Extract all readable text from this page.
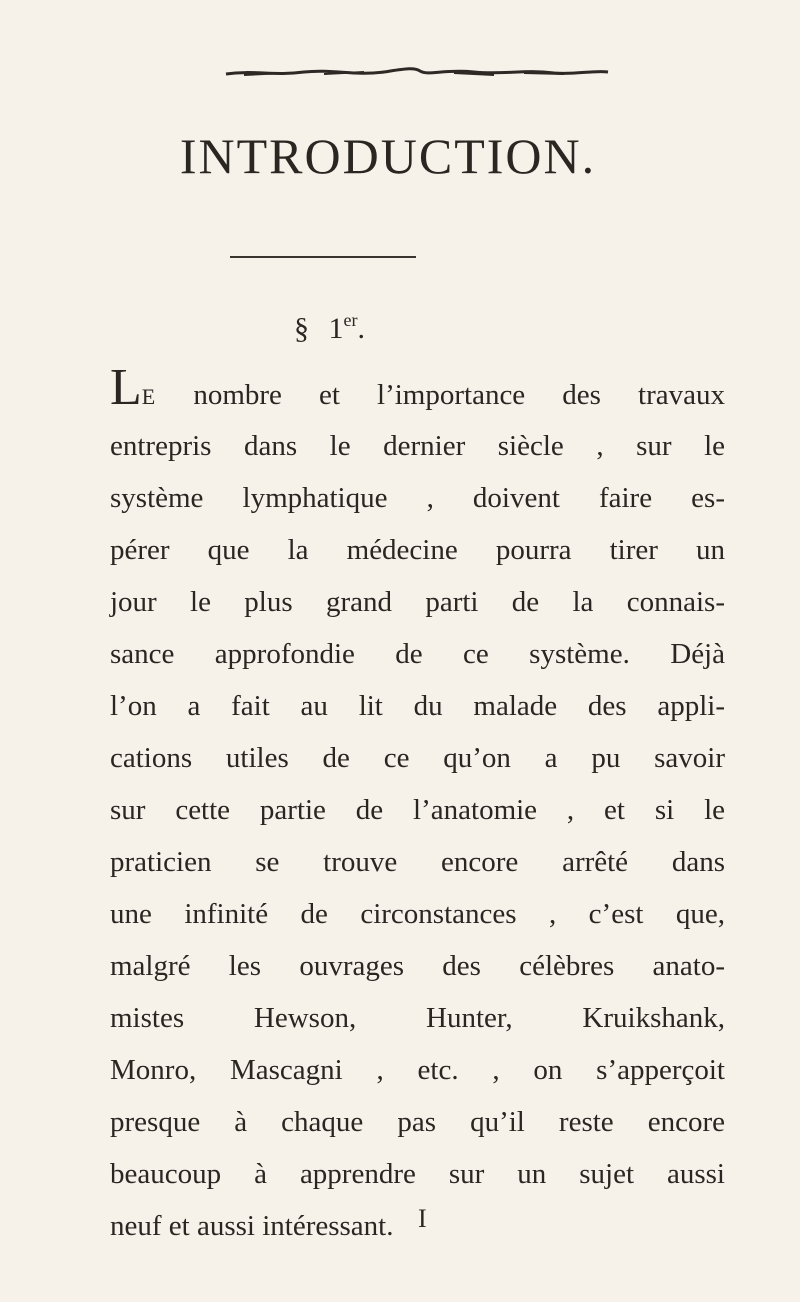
INTRODUCTION.
§ 1er.
LE nombre et l’importance des travaux
entrepris dans le dernier siècle , sur le
système lymphatique , doivent faire es-
pérer que la médecine pourra tirer un
jour le plus grand parti de la connais-
sance approfondie de ce système. Déjà
l’on a fait au lit du malade des appli-
cations utiles de ce qu’on a pu savoir
sur cette partie de l’anatomie , et si le
praticien se trouve encore arrêté dans
une infinité de circonstances , c’est que,
malgré les ouvrages des célèbres anato-
mistes Hewson, Hunter, Kruikshank,
Monro, Mascagni , etc. , on s’apperçoit
presque à chaque pas qu’il reste encore
beaucoup à apprendre sur un sujet aussi
neuf et aussi intéressant. I
